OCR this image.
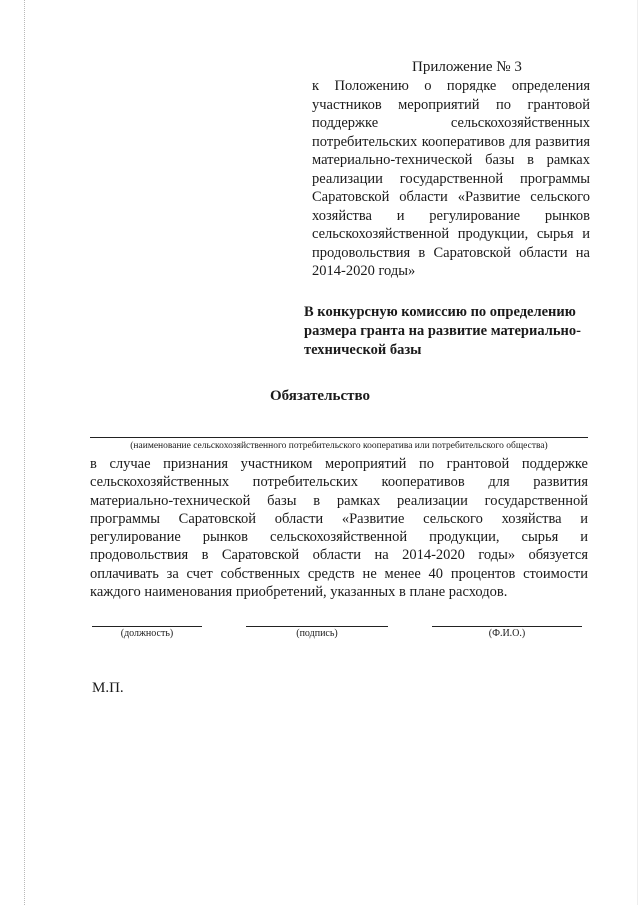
Приложение № 3
к Положению о порядке определения участников мероприятий по грантовой поддержке сельскохозяйственных потребительских кооперативов для развития материально-технической базы в рамках реализации государственной программы Саратовской области «Развитие сельского хозяйства и регулирование рынков сельскохозяйственной продукции, сырья и продовольствия в Саратовской области на 2014-2020 годы»
В конкурсную комиссию по определению размера гранта на развитие материально-технической базы
Обязательство
(наименование сельскохозяйственного потребительского кооператива или потребительского общества)
в случае признания участником мероприятий по грантовой поддержке сельскохозяйственных потребительских кооперативов для развития материально-технической базы в рамках реализации государственной программы Саратовской области «Развитие сельского хозяйства и регулирование рынков сельскохозяйственной продукции, сырья и продовольствия в Саратовской области на 2014-2020 годы» обязуется оплачивать за счет собственных средств не менее 40 процентов стоимости каждого наименования приобретений, указанных в плане расходов.
(должность)	(подпись)	(Ф.И.О.)
М.П.
